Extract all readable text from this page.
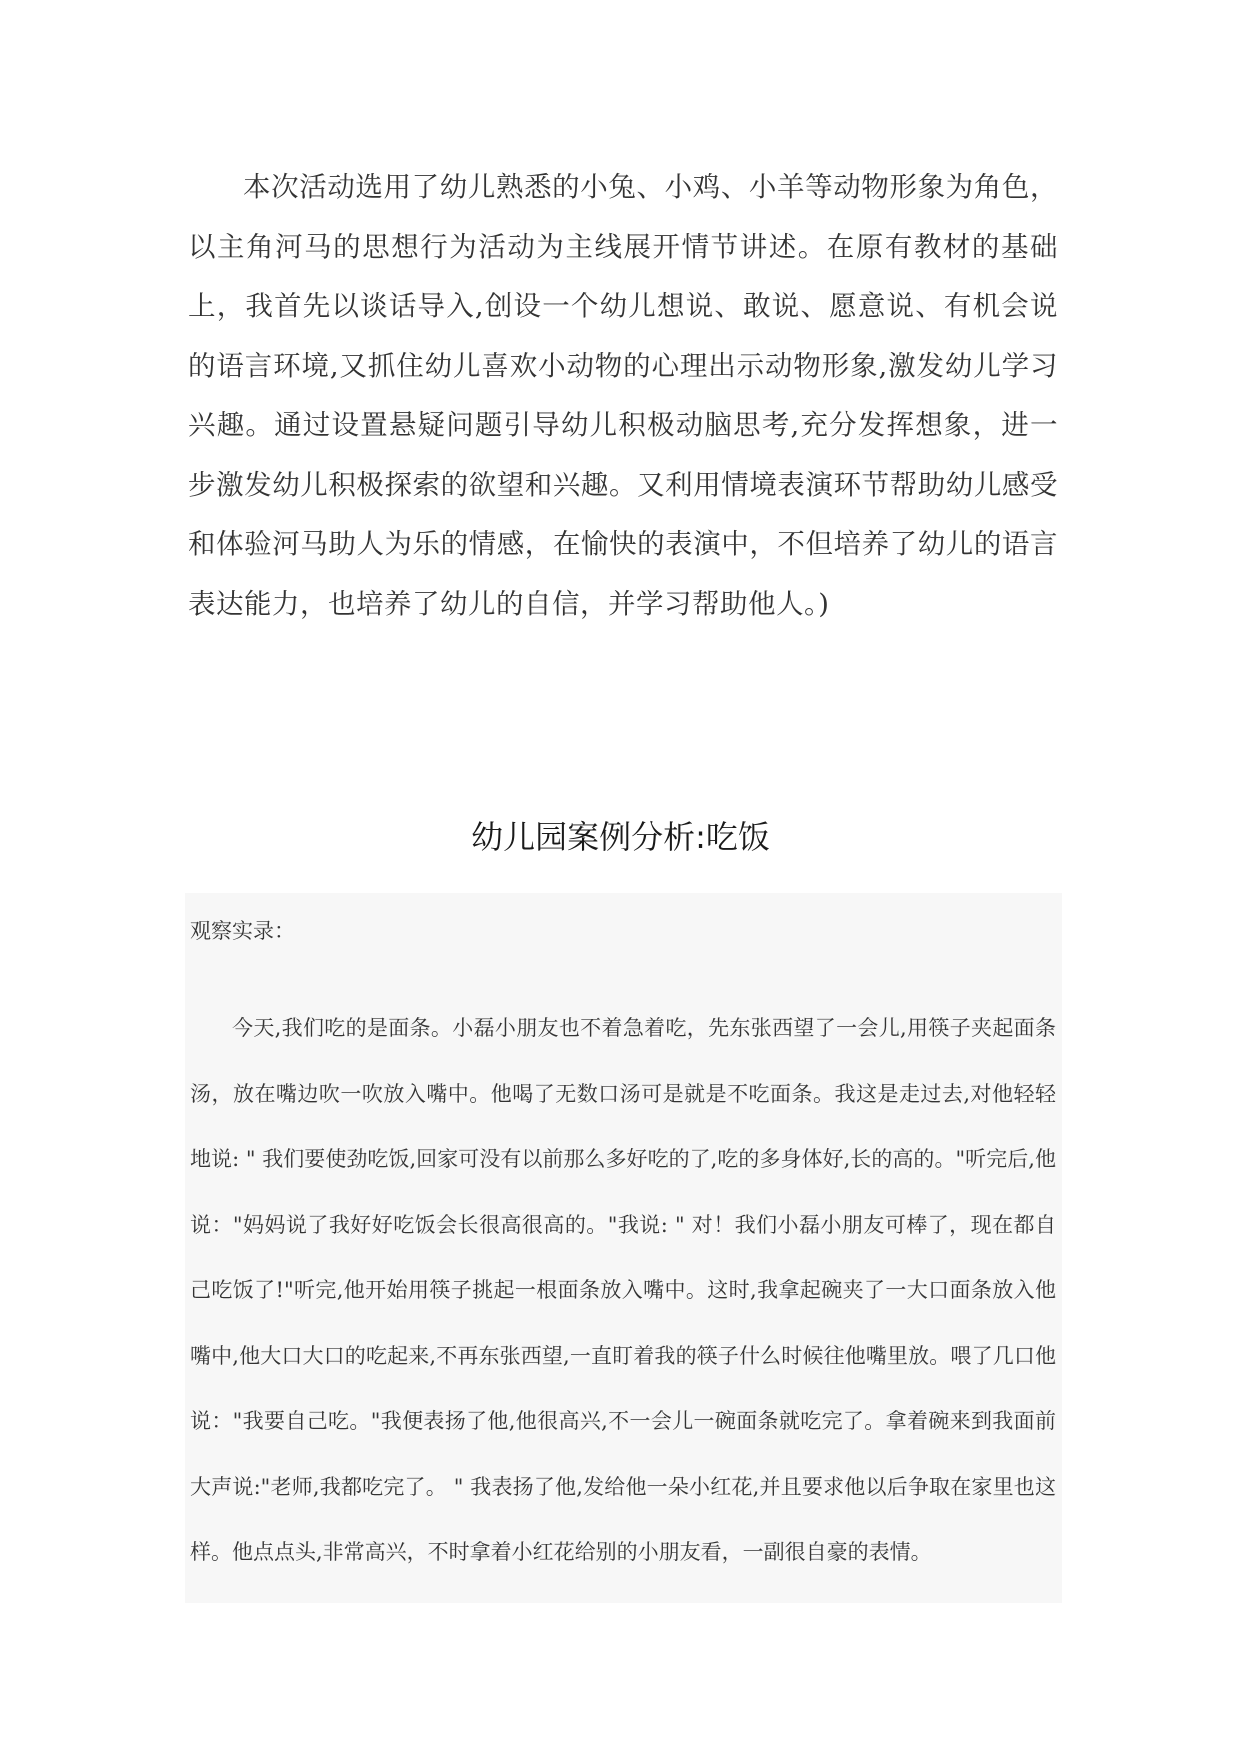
本次活动选用了幼儿熟悉的小兔、小鸡、小羊等动物形象为角色，以主角河马的思想行为活动为主线展开情节讲述。在原有教材的基础上，我首先以谈话导入,创设一个幼儿想说、敢说、愿意说、有机会说的语言环境,又抓住幼儿喜欢小动物的心理出示动物形象,激发幼儿学习兴趣。通过设置悬疑问题引导幼儿积极动脑思考,充分发挥想象，进一步激发幼儿积极探索的欲望和兴趣。又利用情境表演环节帮助幼儿感受和体验河马助人为乐的情感，在愉快的表演中，不但培养了幼儿的语言表达能力，也培养了幼儿的自信，并学习帮助他人。)

幼儿园案例分析:吃饭

观察实录：

今天,我们吃的是面条。小磊小朋友也不着急着吃，先东张西望了一会儿,用筷子夹起面条汤，放在嘴边吹一吹放入嘴中。他喝了无数口汤可是就是不吃面条。我这是走过去,对他轻轻地说: " 我们要使劲吃饭,回家可没有以前那么多好吃的了,吃的多身体好,长的高的。"听完后,他说："妈妈说了我好好吃饭会长很高很高的。"我说: " 对！我们小磊小朋友可棒了，现在都自己吃饭了!"听完,他开始用筷子挑起一根面条放入嘴中。这时,我拿起碗夹了一大口面条放入他嘴中,他大口大口的吃起来,不再东张西望,一直盯着我的筷子什么时候往他嘴里放。喂了几口他说："我要自己吃。"我便表扬了他,他很高兴,不一会儿一碗面条就吃完了。拿着碗来到我面前大声说:"老师,我都吃完了。 " 我表扬了他,发给他一朵小红花,并且要求他以后争取在家里也这样。他点点头,非常高兴，不时拿着小红花给别的小朋友看，一副很自豪的表情。
